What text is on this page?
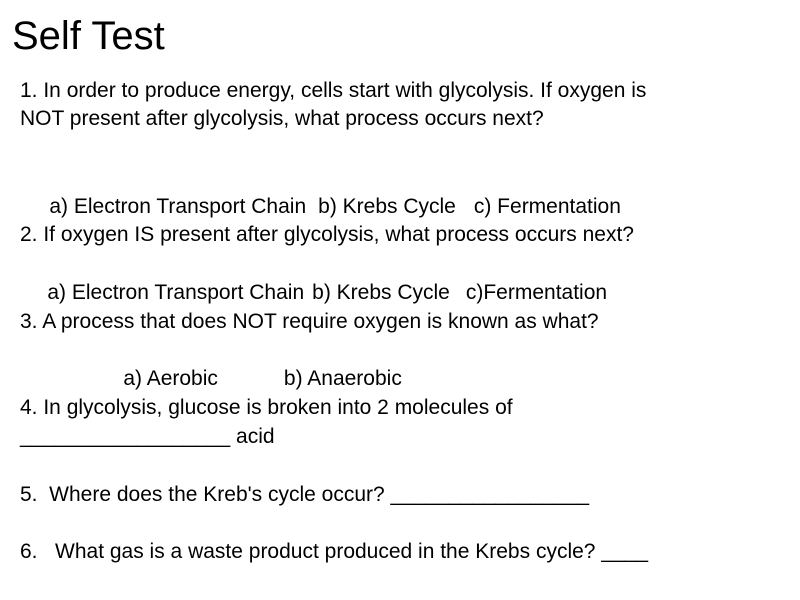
Self Test
1. In order to produce energy, cells start with glycolysis. If oxygen is
NOT present after glycolysis, what process occurs next?

a) Electron Transport Chain b) Krebs Cycle c) Fermentation

2. If oxygen IS present after glycolysis, what process occurs next?

a) Electron Transport Chain b) Krebs Cycle c)Fermentation

3. A process that does NOT require oxygen is known as what?

a) Aerobic	b) Anaerobic

4. In glycolysis, glucose is broken into 2 molecules of
__________________ acid
5.  Where does the Kreb's cycle occur? _________________
6.   What gas is a waste product produced in the Krebs cycle? ____
